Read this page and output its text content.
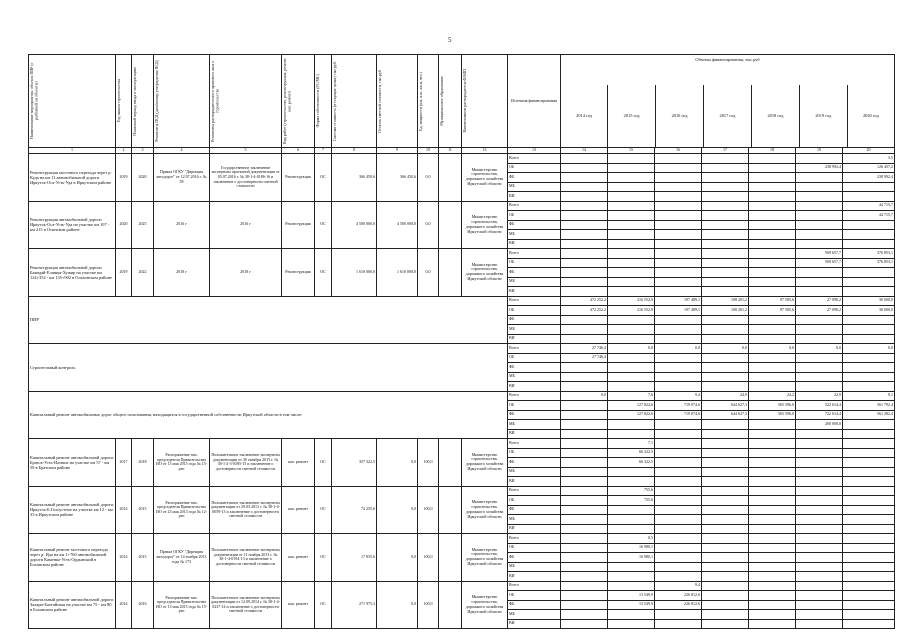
5
Наименование мероприятия, объекта ПИР (с разбивкой на объекты)	Год начала строительства	Плановый период ввода в эксплуатацию	Реквизиты ПСД (дата/номер утверждения ПСД)	Реквизиты распорядительного правового акта о строительстве	Вид работ (строительство, реконструкция, ремонт, кап. ремонт)	Форма собственности (ГС/МС)	Сметная стоимость (в текущих ценах) тыс.руб.	Остаток сметной стоимости, тыс.руб	Ед. мощности (км, п.м., кв.м, чел.)	Муниципальное образование	Наименование распорядителя ФАИП	Источник финансирования	
Объемы финансирования, тыс.руб
2014 год	2015 год	2016 год	2017 год	2018 год	2019 год	2020 год

1	2	3	4	5	6	7	8	9	10	11	12	13	14	15	16	17	18	19	20
Реконструкция мостового перехода через р. Куда на км 11 автомобильной дороги Иркутск-Оса-Усть-Уда в Иркутском районе	2019	2020	Приказ ОГКУ "Дирекция автодорог" от 12.07.2016 г. № 58	Государственное заключение экспертизы проектной документации от 05.07.2016 г. № 38-1-4-0186-16 и заключение о достоверности сметной стоимости	Реконструкция	ОС	366 450,6	366 450,6	0,0		Министерство строительства, дорожного хозяйства Иркутской области	Всего							3,5
ОБ						238 992,4	126 457,2
ФБ							238 992,4
МБ							
ВИ							
Реконструкция автомобильной дороги Иркутск-Оса-Усть-Уда на участке км 107 - км 215 в Осинском районе	2020	2025	2016 г	2016 г	Реконструкция	ОС	4 500 000,0	4 500 000,0	0,0		Министерство строительства, дорожного хозяйства Иркутской области	Всего							44 715,7
ОБ							44 715,7
ФБ							
МБ							
ВИ							
Реконструкция автомобильной дороги Баяндай-Еланцы-Хужир на участке км 124+352 - км 135+902 в Ольхонском районе	2019	2022	2018 г	2018 г	Реконструкция	ОС	1 610 000,0	1 610 000,0	0,0		Министерство строительства, дорожного хозяйства Иркутской области	Всего						569 657,7	376 853,1
ОБ						569 657,7	376 853,1
ФБ							
МБ							
ВИ							
ПИР	Всего	472 252,2	216 552,9	197 489,1	108 201,2	97 585,6	27 098,2	30 000,0
ОБ	472 252,2	216 552,9	197 489,1	108 201,2	97 585,6	27 098,2	30 000,0
ФБ							
МБ							
ВИ							
Строительный контроль	Всего	27 746,4	0,0	0,0	0,0	0,0	0,0	0,0
ОБ	27 746,4						
ФБ							
МБ							
ВИ							
Капитальный ремонт автомобильных дорог общего пользования, находящихся в государственной собственности Иркутской области в том числе:	Всего	0,0	7,6	9,4	24,9	24,2	22,9	9,1
ОБ		127 822,6	719 074,6	644 627,3	565 596,0	522 614,4	561 792,4
ФБ		127 822,6	719 074,6	644 627,3	565 596,0	722 614,4	561 282,4
МБ						200 000,0	
ВИ							
Капитальный ремонт автомобильной дороги Братск-Усть-Илимск на участке км 57 - км 58 в Братском районе	2017	2018	Распоряжение зам. председателя Правительства ИО от 13 мая 2015 года № 15-рзп	Положительное заключение экспертизы документации от 30 октября 2015 г. № 38-1-2-3-0395-15 и заключение о достоверности сметной стоимости	кап. ремонт	ОС	357 322,5	0,0	100,0		Министерство строительства, дорожного хозяйства Иркутской области	Всего		7,1					
ОБ		66 322,5					
ФБ		66 322,5					
МБ							
ВИ							
Капитальный ремонт автомобильной дороги Иркутск-Б.Голоустное на участке км 12 - км 33 в Иркутском районе	2014	2015	Распоряжение зам. председателя Правительства ИО от 23 мая 2013 года № 12-рзп	Положительное заключение экспертизы документации от 29.03.2013 г. № 38-1-4-0059-13 и заключение о достоверности сметной стоимости	кап. ремонт	ОС	74 255,6	0,0	100,0		Министерство строительства, дорожного хозяйства Иркутской области	Всего		755,6					
ОБ		755,6					
ФБ							
МБ							
ВИ							
Капитальный ремонт мостового перехода через р. Ида на км 1+760 автомобильной дороги Каменка-Усть-Ордынский в Боханском районе	2014	2015	Приказ ОГКУ "Дирекция автодорог" от 14 ноября 2013 года № 173	Положительное заключение экспертизы документации от 11 ноября 2013 г. № 38-1-4-0194-13 и заключение о достоверности сметной стоимости	кап. ремонт	ОС	17 835,6	0,0	100,0		Министерство строительства, дорожного хозяйства Иркутской области	Всего		0,5					
ОБ		16 980,1					
ФБ		16 980,1					
МБ							
ВИ							
Капитальный ремонт автомобильной дороги Залари-Бахтайская на участке км 75 - км 80 в Боханском районе	2014	2016	Распоряжение зам. председателя Правительства ИО от 13 мая 2015 года № 15-рзп	Положительное заключение экспертизы документации от 12.09.2014 г. № 38-1-4-0237-14 и заключение о достоверности сметной стоимости	кап. ремонт	ОС	271 975,3	0,0	100,0		Министерство строительства, дорожного хозяйства Иркутской области	Всего			9,4				
ОБ		13 549,9	226 812,6				
ФБ		13 549,9	226 812,6				
МБ							
ВИ							
